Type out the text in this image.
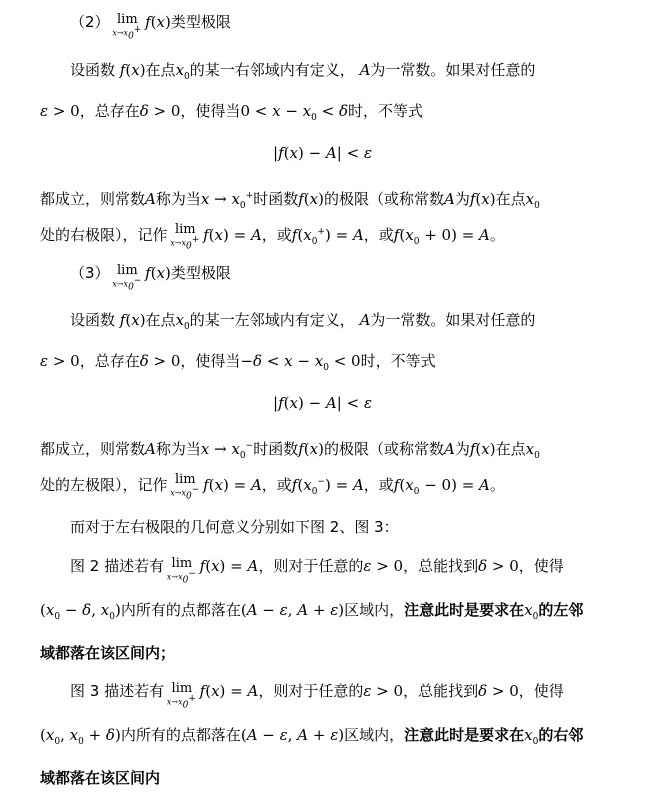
（2） lim
$x\to x_0^+$ f(x)类型极限
设函数 f(x)在点$x_0$的某一右邻域内有定义， A为一常数。如果对任意的
ε > 0，总存在δ > 0，使得当$0 < x - x_0 < \delta$时，不等式
|f(x) − A| < ε
都成立，则常数A称为当$x \to x_0^+$时函数f(x)的极限（或称常数A为f(x)在点$x_0$
处的右极限），记作 lim
$x\to x_0^+$ f(x) = A，或$f(x_0^+) = A$，或$f(x_0 + 0) = A$。
（3） lim
$x\to x_0^-$ f(x)类型极限
设函数 f(x)在点$x_0$的某一左邻域内有定义， A为一常数。如果对任意的
ε > 0，总存在δ > 0，使得当$-\delta < x - x_0 < 0$时，不等式
|f(x) − A| < ε
都成立，则常数A称为当$x \to x_0^-$时函数f(x)的极限（或称常数A为f(x)在点$x_0$
处的左极限），记作 lim
$x\to x_0^-$ f(x) = A，或$f(x_0^-) = A$，或$f(x_0 - 0) = A$。
而对于左右极限的几何意义分别如下图 2、图 3：
图 2 描述若有 lim
$x\to x_0^-$ f(x) = A，则对于任意的ε > 0，总能找到δ > 0，使得
($x_0 - \delta$, $x_0$)内所有的点都落在(A − ε, A + ε)区域内，注意此时是要求在$x_0$的左邻
域都落在该区间内；
图 3 描述若有 lim
$x\to x_0^+$ f(x) = A，则对于任意的ε > 0，总能找到δ > 0，使得
($x_0$, $x_0 + \delta$)内所有的点都落在(A − ε, A + ε)区域内，注意此时是要求在$x_0$的右邻
域都落在该区间内
